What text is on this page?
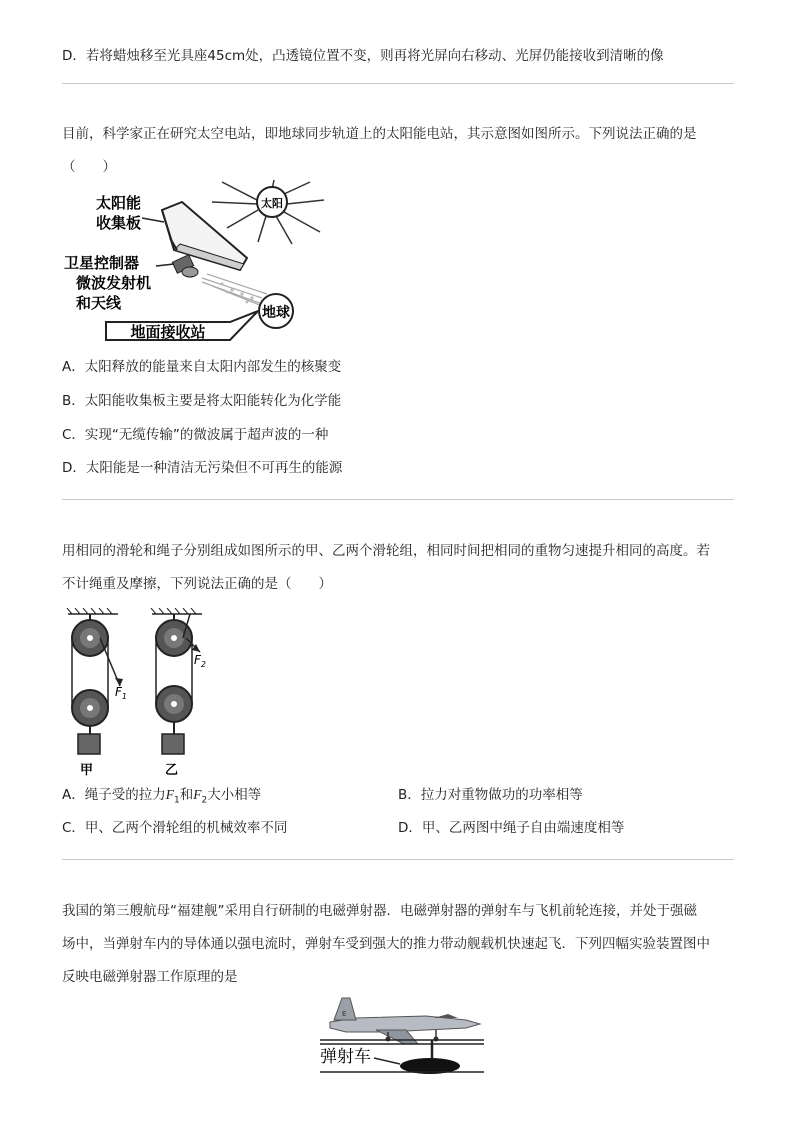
D．若将蜡烛移至光具座45cm处，凸透镜位置不变，则再将光屏向右移动、光屏仍能接收到清晰的像
目前，科学家正在研究太空电站，即地球同步轨道上的太阳能电站，其示意图如图所示。下列说法正确的是
（　　）
太阳
太阳能
收集板
卫星控制器
微波发射机
和天线
地球
地面接收站
A．太阳释放的能量来自太阳内部发生的核聚变
B．太阳能收集板主要是将太阳能转化为化学能
C．实现“无缆传输”的微波属于超声波的一种
D．太阳能是一种清洁无污染但不可再生的能源
用相同的滑轮和绳子分别组成如图所示的甲、乙两个滑轮组，相同时间把相同的重物匀速提升相同的高度。若
不计绳重及摩擦，下列说法正确的是（　　）
$F_1$
甲
$F_2$
乙
A．绳子受的拉力$F_1$和$F_2$大小相等	B．拉力对重物做功的功率相等
C．甲、乙两个滑轮组的机械效率不同	D．甲、乙两图中绳子自由端速度相等
我国的第三艘航母“福建舰”采用自行研制的电磁弹射器．电磁弹射器的弹射车与飞机前轮连接，并处于强磁
场中，当弹射车内的导体通以强电流时，弹射车受到强大的推力带动舰载机快速起飞．下列四幅实验装置图中
反映电磁弹射器工作原理的是
E
弹射车
